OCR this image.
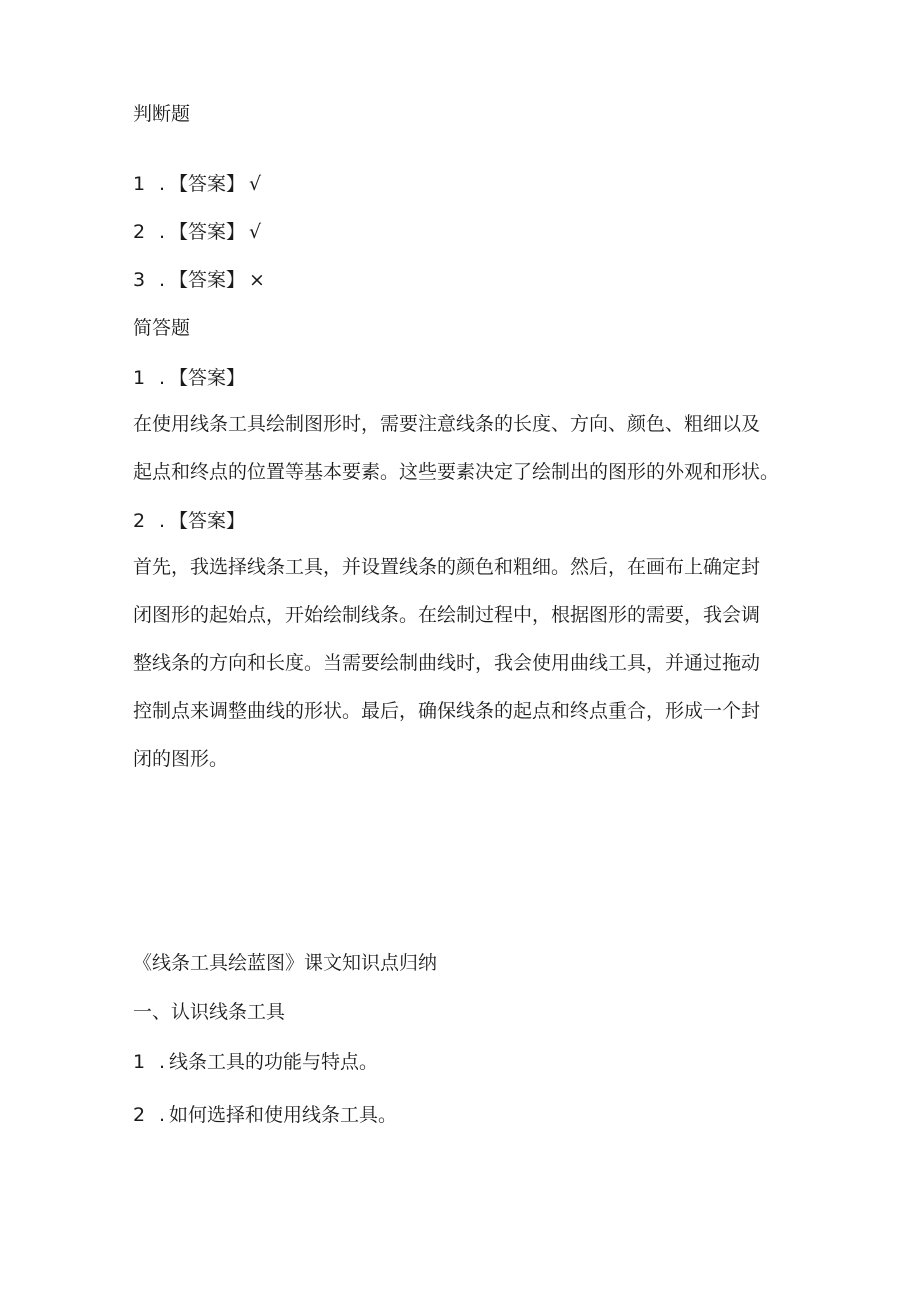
判断题
1 . 【答案】 √
2 . 【答案】 √
3 . 【答案】 ×
简答题
1 . 【答案】
在使用线条工具绘制图形时，需要注意线条的长度、方向、颜色、粗细以及
起点和终点的位置等基本要素。这些要素决定了绘制出的图形的外观和形状。
2 . 【答案】
首先，我选择线条工具，并设置线条的颜色和粗细。然后，在画布上确定封
闭图形的起始点，开始绘制线条。在绘制过程中，根据图形的需要，我会调
整线条的方向和长度。当需要绘制曲线时，我会使用曲线工具，并通过拖动
控制点来调整曲线的形状。最后，确保线条的起点和终点重合，形成一个封
闭的图形。
《线条工具绘蓝图》课文知识点归纳
一、认识线条工具
1 . 线条工具的功能与特点。
2 . 如何选择和使用线条工具。
